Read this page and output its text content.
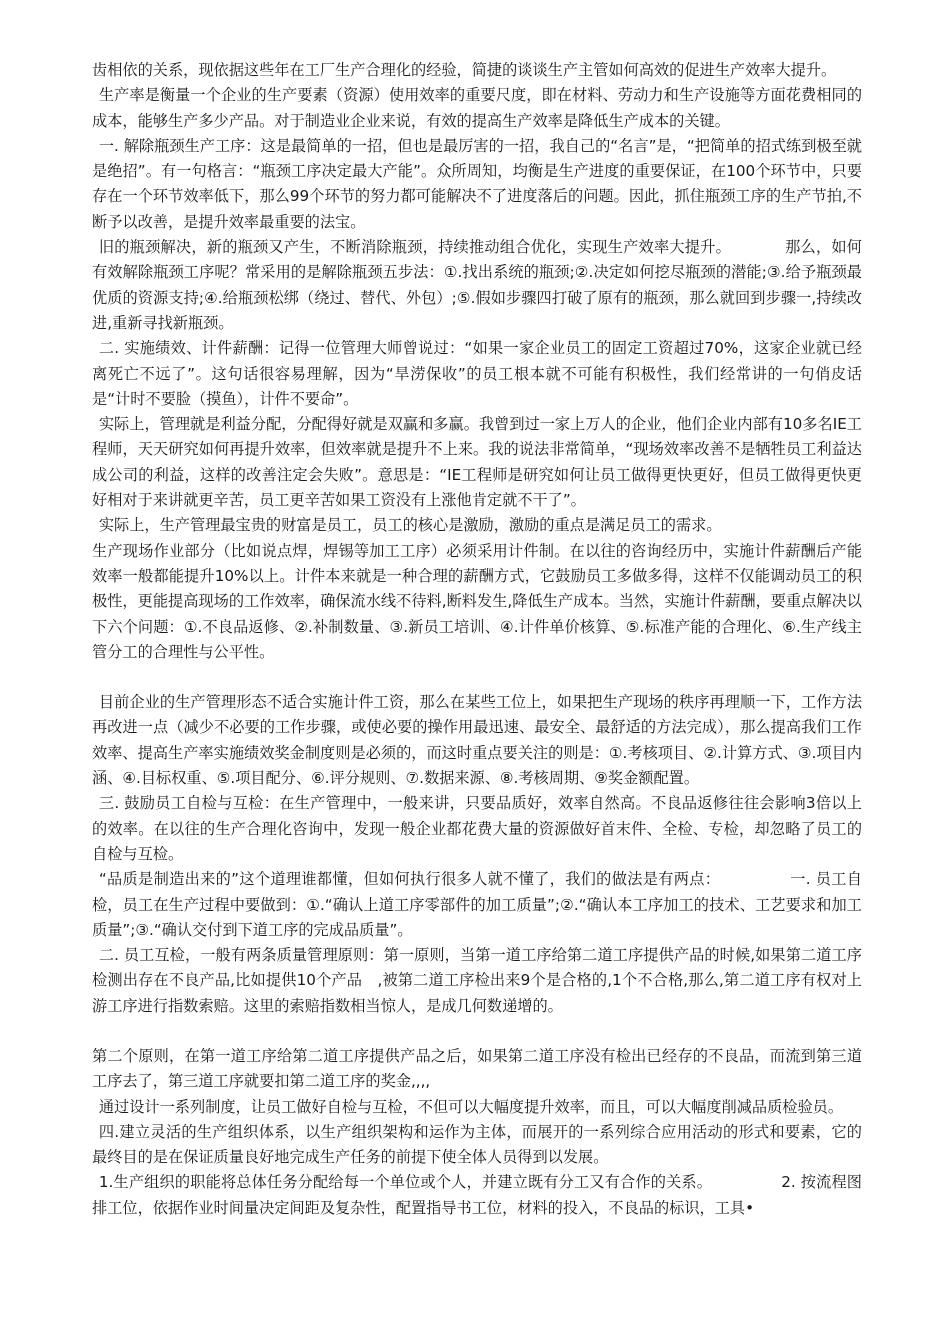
齿相依的关系，现依据这些年在工厂生产合理化的经验，简捷的谈谈生产主管如何高效的促进生产效率大提升。

生产率是衡量一个企业的生产要素（资源）使用效率的重要尺度，即在材料、劳动力和生产设施等方面花费相同的成本，能够生产多少产品。对于制造业企业来说，有效的提高生产效率是降低生产成本的关键。

一. 解除瓶颈生产工序：这是最简单的一招，但也是最厉害的一招，我自己的“名言”是，“把简单的招式练到极至就是绝招”。有一句格言：“瓶颈工序决定最大产能”。众所周知，均衡是生产进度的重要保证，在100个环节中，只要存在一个环节效率低下，那么99个环节的努力都可能解决不了进度落后的问题。因此，抓住瓶颈工序的生产节拍,不断予以改善，是提升效率最重要的法宝。

旧的瓶颈解决，新的瓶颈又产生，不断消除瓶颈，持续推动组合优化，实现生产效率大提升。　　　　那么，如何有效解除瓶颈工序呢？常采用的是解除瓶颈五步法：①.找出系统的瓶颈;②.决定如何挖尽瓶颈的潜能;③.给予瓶颈最优质的资源支持;④.给瓶颈松绑（绕过、替代、外包）;⑤.假如步骤四打破了原有的瓶颈，那么就回到步骤一,持续改进,重新寻找新瓶颈。

二. 实施绩效、计件薪酬：记得一位管理大师曾说过：“如果一家企业员工的固定工资超过70%，这家企业就已经离死亡不远了”。这句话很容易理解，因为“旱涝保收”的员工根本就不可能有积极性，我们经常讲的一句俏皮话是“计时不要脸（摸鱼），计件不要命”。

实际上，管理就是利益分配，分配得好就是双赢和多赢。我曾到过一家上万人的企业，他们企业内部有10多名IE工程师，天天研究如何再提升效率，但效率就是提升不上来。我的说法非常简单，“现场效率改善不是牺牲员工利益达成公司的利益，这样的改善注定会失败”。意思是：“IE工程师是研究如何让员工做得更快更好，但员工做得更快更好相对于来讲就更辛苦，员工更辛苦如果工资没有上涨他肯定就不干了”。

实际上，生产管理最宝贵的财富是员工，员工的核心是激励，激励的重点是满足员工的需求。

生产现场作业部分（比如说点焊，焊锡等加工工序）必须采用计件制。在以往的咨询经历中，实施计件薪酬后产能效率一般都能提升10%以上。计件本来就是一种合理的薪酬方式，它鼓励员工多做多得，这样不仅能调动员工的积极性，更能提高现场的工作效率，确保流水线不待料,断料发生,降低生产成本。当然，实施计件薪酬，要重点解决以下六个问题：①.不良品返修、②.补制数量、③.新员工培训、④.计件单价核算、⑤.标准产能的合理化、⑥.生产线主管分工的合理性与公平性。

目前企业的生产管理形态不适合实施计件工资，那么在某些工位上，如果把生产现场的秩序再理顺一下，工作方法再改进一点（减少不必要的工作步骤，或使必要的操作用最迅速、最安全、最舒适的方法完成），那么提高我们工作效率、提高生产率实施绩效奖金制度则是必须的，而这时重点要关注的则是：①.考核项目、②.计算方式、③.项目内涵、④.目标权重、⑤.项目配分、⑥.评分规则、⑦.数据来源、⑧.考核周期、⑨奖金额配置。

三. 鼓励员工自检与互检：在生产管理中，一般来讲，只要品质好，效率自然高。不良品返修往往会影响3倍以上的效率。在以往的生产合理化咨询中，发现一般企业都花费大量的资源做好首末件、全检、专检，却忽略了员工的自检与互检。

“品质是制造出来的”这个道理谁都懂，但如何执行很多人就不懂了，我们的做法是有两点：　　　　　一. 员工自检，员工在生产过程中要做到：①.“确认上道工序零部件的加工质量”;②.“确认本工序加工的技术、工艺要求和加工质量”;③.“确认交付到下道工序的完成品质量”。

二. 员工互检，一般有两条质量管理原则：第一原则，当第一道工序给第二道工序提供产品的时候,如果第二道工序检测出存在不良产品,比如提供10个产品　,被第二道工序检出来9个是合格的,1个不合格,那么,第二道工序有权对上游工序进行指数索赔。这里的索赔指数相当惊人，是成几何数递增的。

第二个原则，在第一道工序给第二道工序提供产品之后，如果第二道工序没有检出已经存的不良品，而流到第三道工序去了，第三道工序就要扣第二道工序的奖金,,,,

通过设计一系列制度，让员工做好自检与互检，不但可以大幅度提升效率，而且，可以大幅度削减品质检验员。

四.建立灵活的生产组织体系，以生产组织架构和运作为主体，而展开的一系列综合应用活动的形式和要素，它的最终目的是在保证质量良好地完成生产任务的前提下使全体人员得到以发展。

1.生产组织的职能将总体任务分配给每一个单位或个人，并建立既有分工又有合作的关系。　　　　　2. 按流程图排工位，依据作业时间量决定间距及复杂性，配置指导书工位，材料的投入，不良品的标识，工具•
